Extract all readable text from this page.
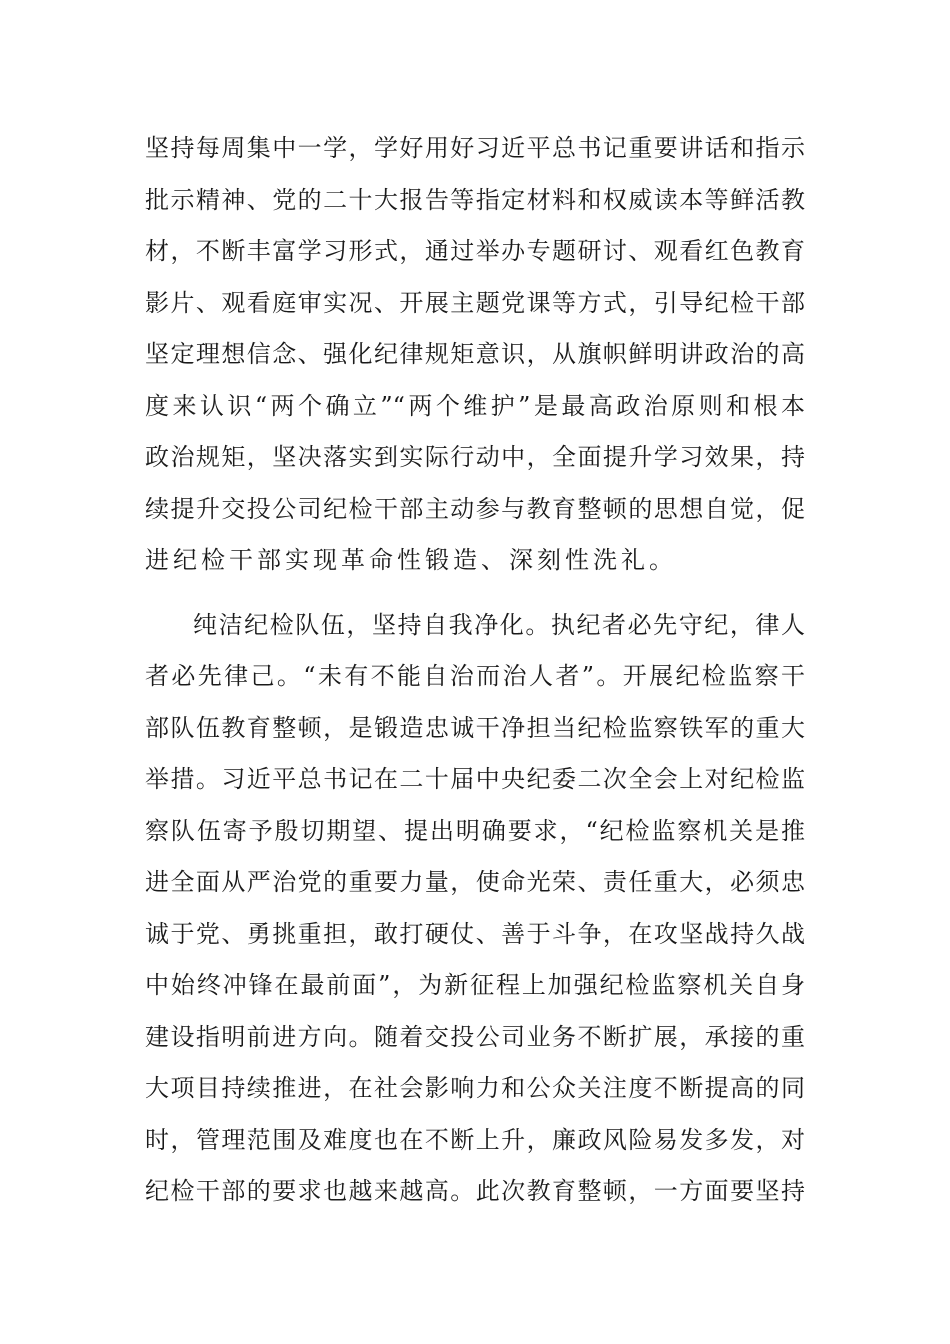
坚持每周集中一学，学好用好习近平总书记重要讲话和指示
批示精神、党的二十大报告等指定材料和权威读本等鲜活教
材，不断丰富学习形式，通过举办专题研讨、观看红色教育
影片、观看庭审实况、开展主题党课等方式，引导纪检干部
坚定理想信念、强化纪律规矩意识，从旗帜鲜明讲政治的高
度来认识“两个确立”“两个维护”是最高政治原则和根本
政治规矩，坚决落实到实际行动中，全面提升学习效果，持
续提升交投公司纪检干部主动参与教育整顿的思想自觉，促
进纪检干部实现革命性锻造、深刻性洗礼。
纯洁纪检队伍，坚持自我净化。执纪者必先守纪，律人
者必先律己。“未有不能自治而治人者”。开展纪检监察干
部队伍教育整顿，是锻造忠诚干净担当纪检监察铁军的重大
举措。习近平总书记在二十届中央纪委二次全会上对纪检监
察队伍寄予殷切期望、提出明确要求，“纪检监察机关是推
进全面从严治党的重要力量，使命光荣、责任重大，必须忠
诚于党、勇挑重担，敢打硬仗、善于斗争，在攻坚战持久战
中始终冲锋在最前面”，为新征程上加强纪检监察机关自身
建设指明前进方向。随着交投公司业务不断扩展，承接的重
大项目持续推进，在社会影响力和公众关注度不断提高的同
时，管理范围及难度也在不断上升，廉政风险易发多发，对
纪检干部的要求也越来越高。此次教育整顿，一方面要坚持
